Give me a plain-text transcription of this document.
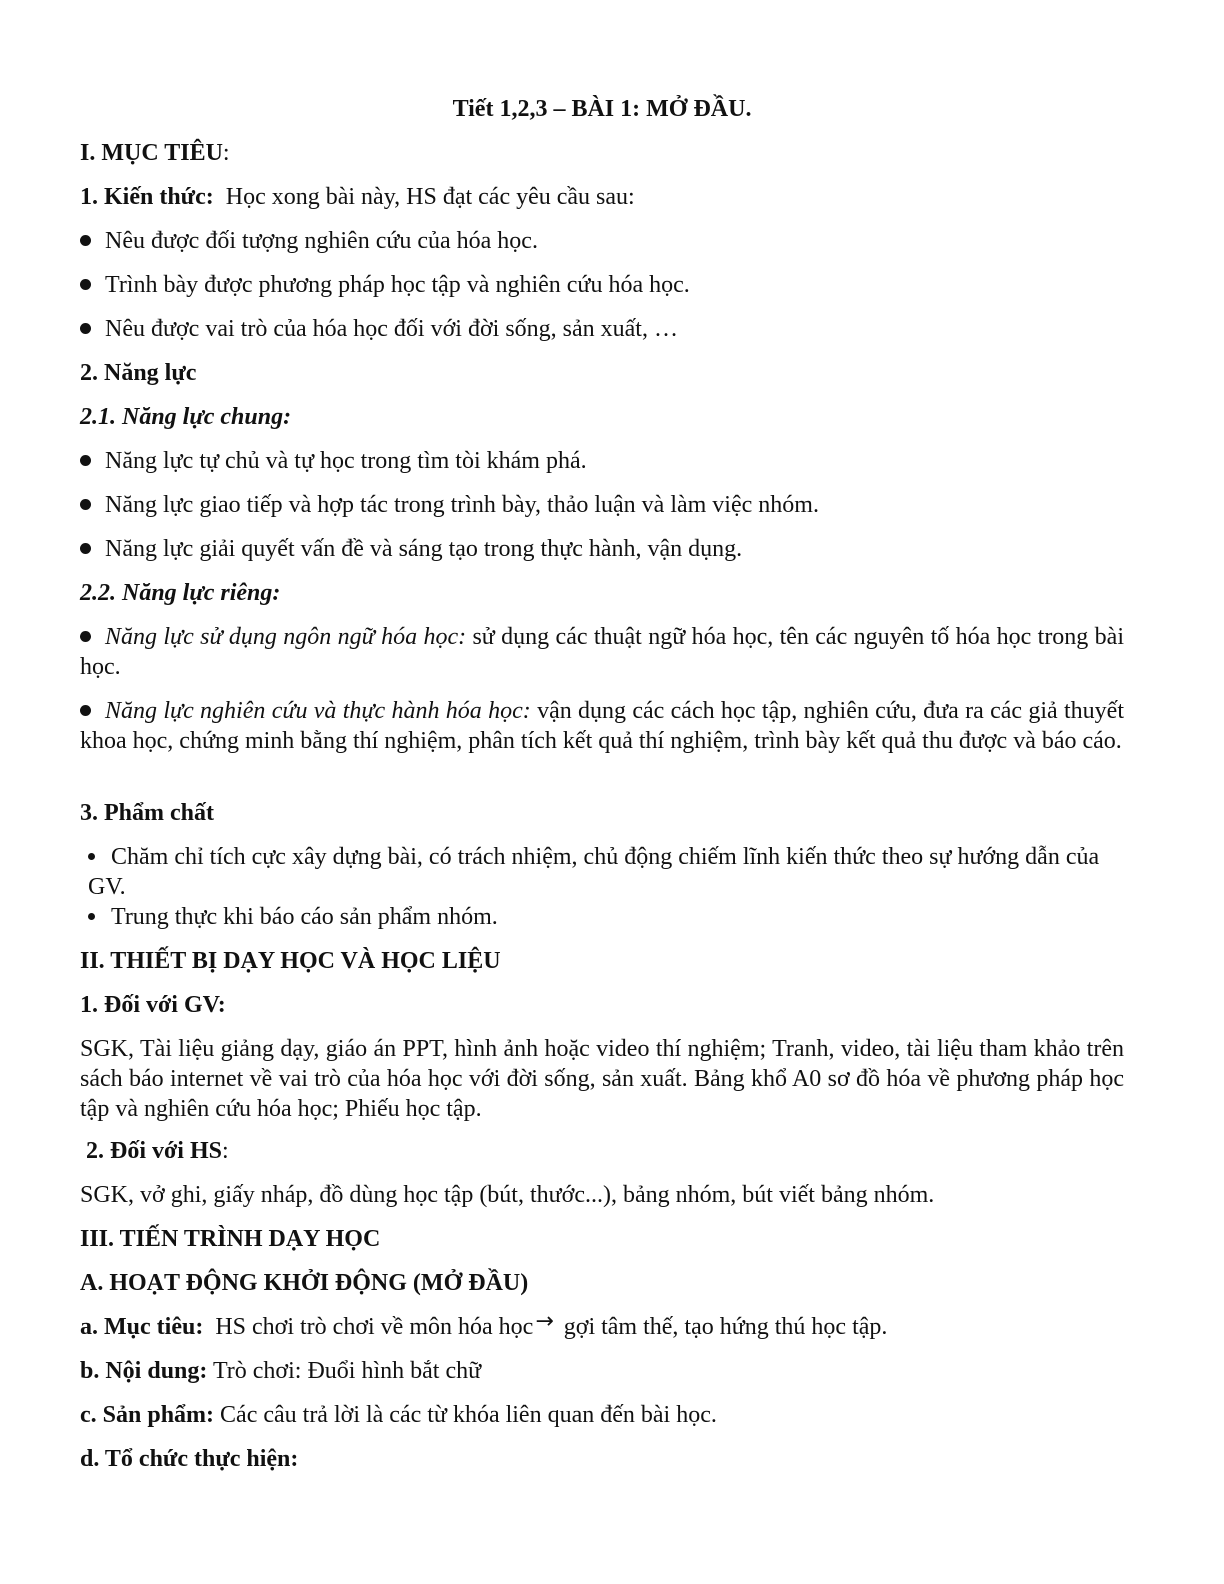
Tiết 1,2,3 – BÀI 1: MỞ ĐẦU.
I. MỤC TIÊU:
1. Kiến thức: Học xong bài này, HS đạt các yêu cầu sau:
Nêu được đối tượng nghiên cứu của hóa học.
Trình bày được phương pháp học tập và nghiên cứu hóa học.
Nêu được vai trò của hóa học đối với đời sống, sản xuất, …
2. Năng lực
2.1. Năng lực chung:
Năng lực tự chủ và tự học trong tìm tòi khám phá.
Năng lực giao tiếp và hợp tác trong trình bày, thảo luận và làm việc nhóm.
Năng lực giải quyết vấn đề và sáng tạo trong thực hành, vận dụng.
2.2. Năng lực riêng:
Năng lực sử dụng ngôn ngữ hóa học: sử dụng các thuật ngữ hóa học, tên các nguyên tố hóa học trong bài học.
Năng lực nghiên cứu và thực hành hóa học: vận dụng các cách học tập, nghiên cứu, đưa ra các giả thuyết khoa học, chứng minh bằng thí nghiệm, phân tích kết quả thí nghiệm, trình bày kết quả thu được và báo cáo.
3. Phẩm chất
Chăm chỉ tích cực xây dựng bài, có trách nhiệm, chủ động chiếm lĩnh kiến thức theo sự hướng dẫn của GV.
Trung thực khi báo cáo sản phẩm nhóm.
II. THIẾT BỊ DẠY HỌC VÀ HỌC LIỆU
1. Đối với GV:
SGK, Tài liệu giảng dạy, giáo án PPT, hình ảnh hoặc video thí nghiệm; Tranh, video, tài liệu tham khảo trên sách báo internet về vai trò của hóa học với đời sống, sản xuất. Bảng khổ A0 sơ đồ hóa về phương pháp học tập và nghiên cứu hóa học; Phiếu học tập.
2. Đối với HS:
SGK, vở ghi, giấy nháp, đồ dùng học tập (bút, thước...), bảng nhóm, bút viết bảng nhóm.
III. TIẾN TRÌNH DẠY HỌC
A. HOẠT ĐỘNG KHỞI ĐỘNG (MỞ ĐẦU)
a. Mục tiêu: HS chơi trò chơi về môn hóa học→ gợi tâm thế, tạo hứng thú học tập.
b. Nội dung: Trò chơi: Đuổi hình bắt chữ
c. Sản phẩm: Các câu trả lời là các từ khóa liên quan đến bài học.
d. Tổ chức thực hiện:
